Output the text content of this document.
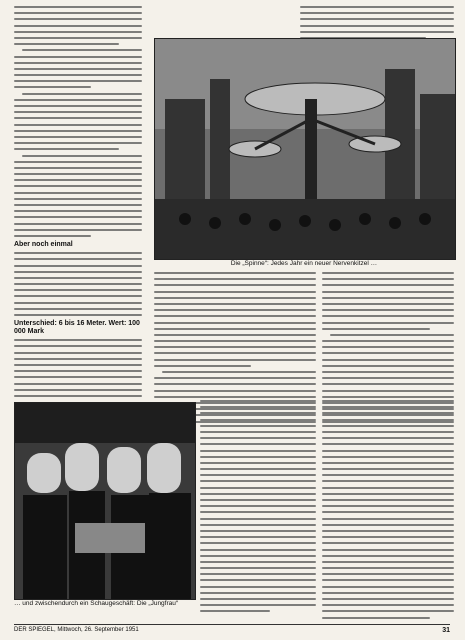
Aber noch einmal
Unterschied: 6 bis 16 Meter. Wert: 100 000 Mark
Die „Spinne“: Jedes Jahr ein neuer Nervenkitzel …
… und zwischendurch ein Schaugeschäft: Die „Jungfrau“
DER SPIEGEL, Mittwoch, 26. September 1951	31
